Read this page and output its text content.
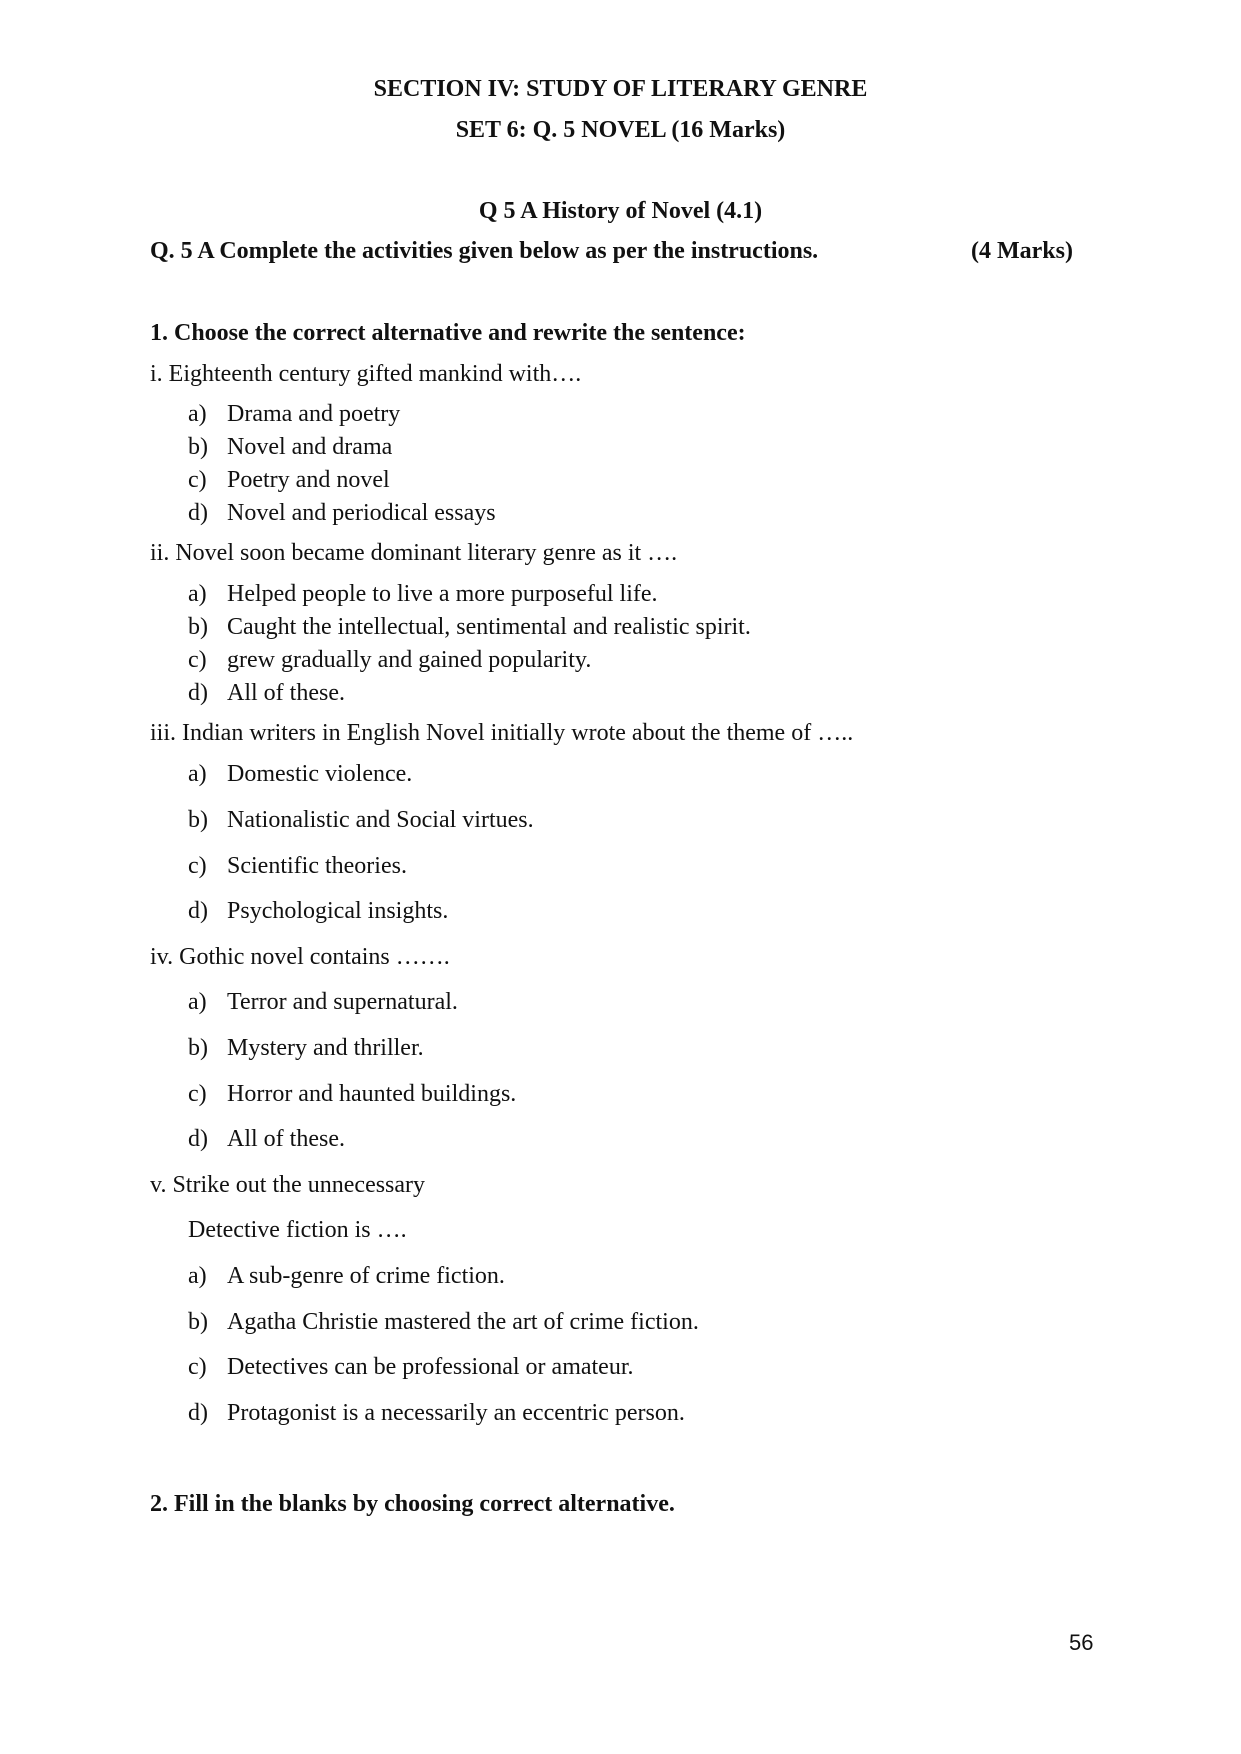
SECTION IV: STUDY OF LITERARY GENRE
SET 6: Q. 5 NOVEL (16 Marks)
Q 5 A History of Novel (4.1)
Q. 5 A Complete the activities given below as per the instructions.	(4 Marks)
1. Choose the correct alternative and rewrite the sentence:
i. Eighteenth century gifted mankind with….
a) Drama and poetry
b) Novel and drama
c) Poetry and novel
d) Novel and periodical essays
ii. Novel soon became dominant literary genre as it ….
a) Helped people to live a more purposeful life.
b) Caught the intellectual, sentimental and realistic spirit.
c) grew gradually and gained popularity.
d) All of these.
iii. Indian writers in English Novel initially wrote about the theme of …..
a) Domestic violence.
b) Nationalistic and Social virtues.
c) Scientific theories.
d) Psychological insights.
iv. Gothic novel contains …….
a) Terror and supernatural.
b) Mystery and thriller.
c) Horror and haunted buildings.
d) All of these.
v. Strike out the unnecessary
Detective fiction is ….
a) A sub-genre of crime fiction.
b) Agatha Christie mastered the art of crime fiction.
c) Detectives can be professional or amateur.
d) Protagonist is a necessarily an eccentric person.
2. Fill in the blanks by choosing correct alternative.
56
